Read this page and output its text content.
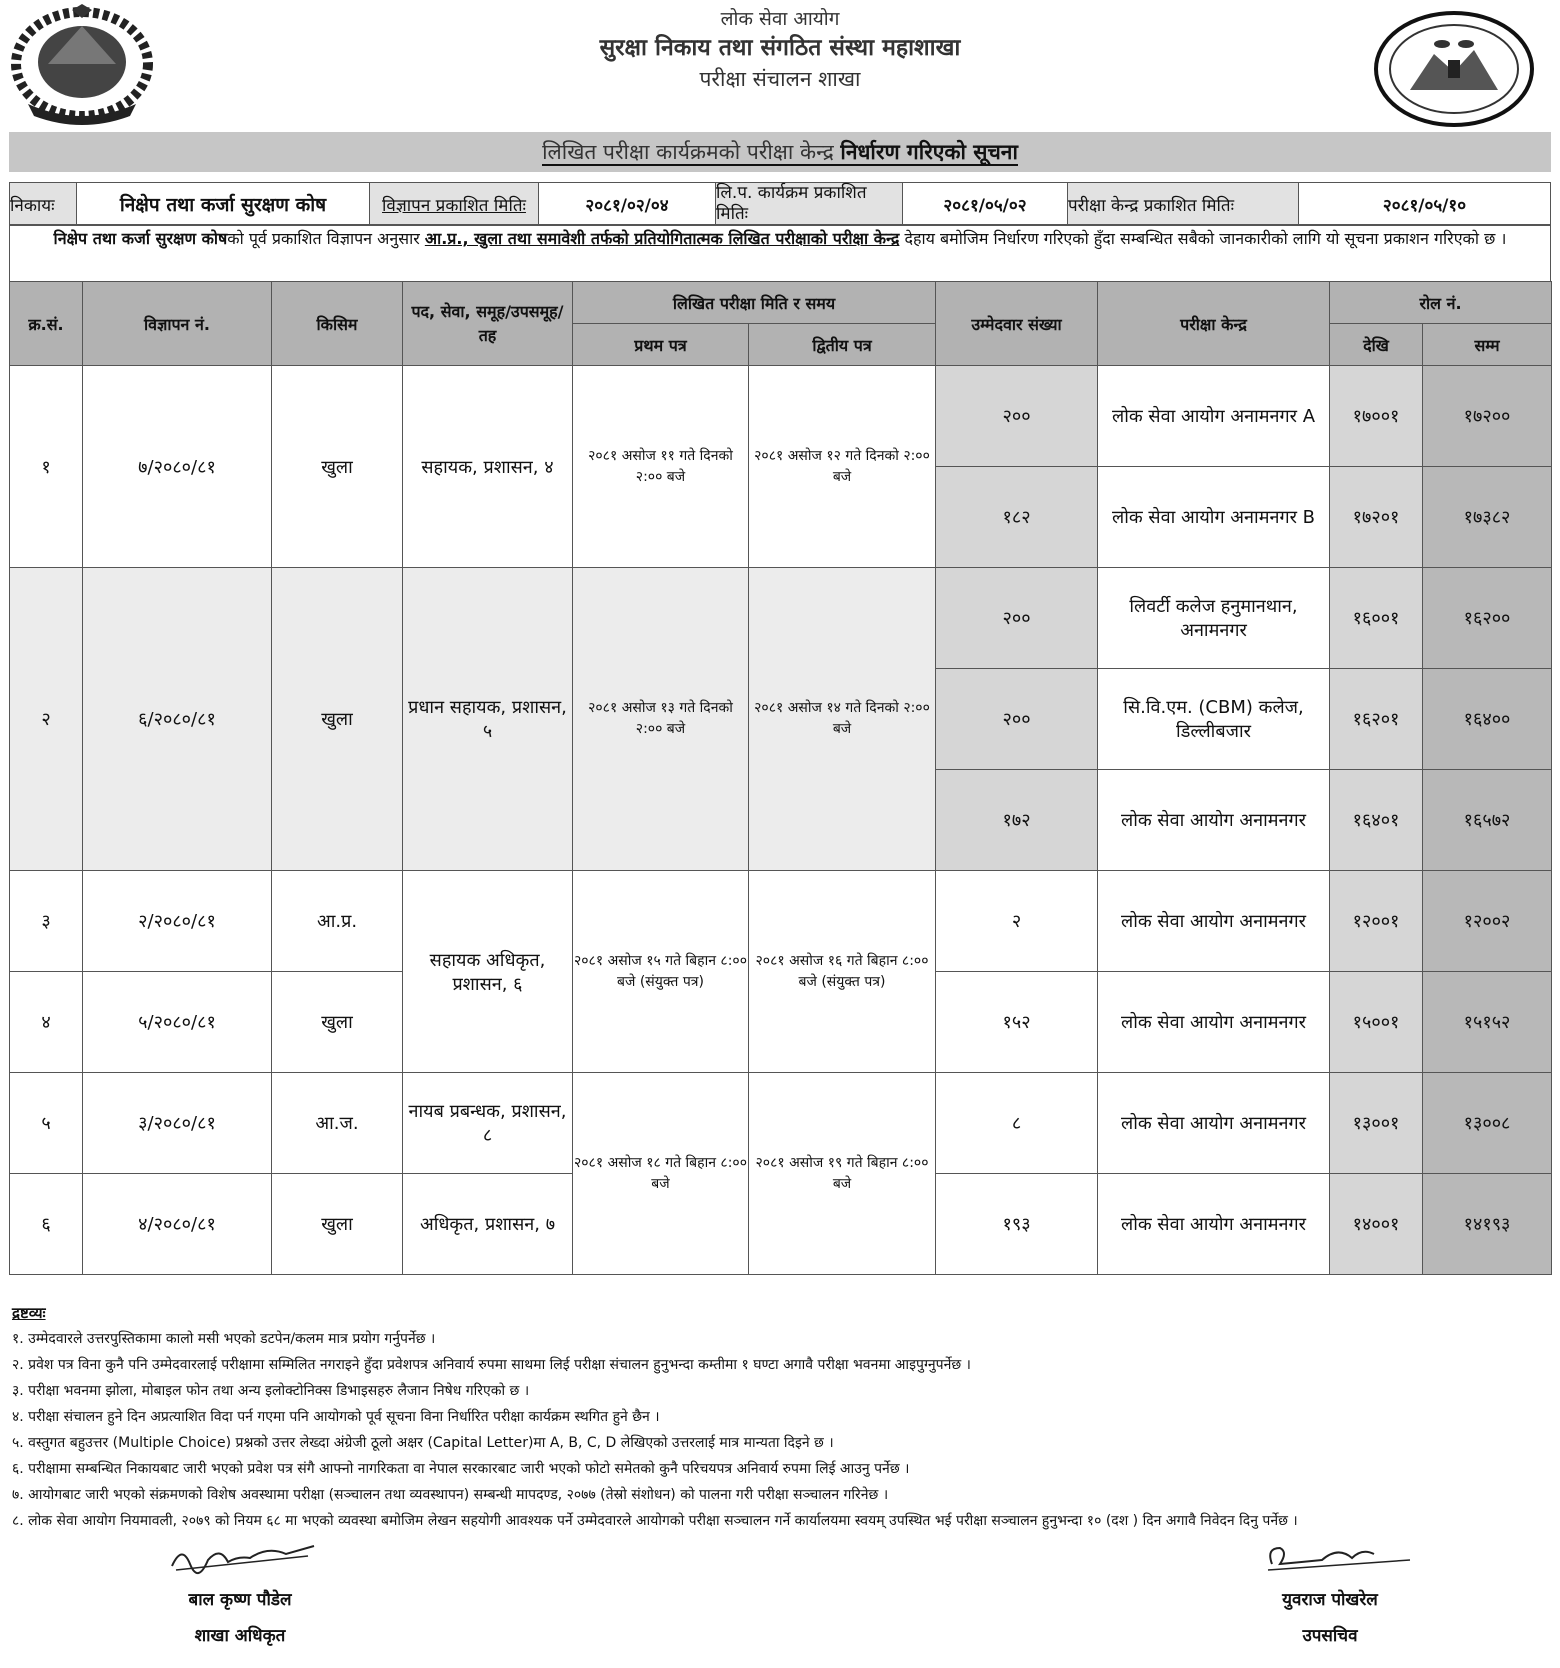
लोक सेवा आयोग
सुरक्षा निकाय तथा संगठित संस्था महाशाखा
परीक्षा संचालन शाखा
लिखित परीक्षा कार्यक्रमको परीक्षा केन्द्र निर्धारण गरिएको सूचना
निकायः	निक्षेप तथा कर्जा सुरक्षण कोष	विज्ञापन प्रकाशित मितिः	२०८१/०२/०४	लि.प. कार्यक्रम प्रकाशित मितिः	२०८१/०५/०२	परीक्षा केन्द्र प्रकाशित मितिः	२०८१/०५/१०
निक्षेप तथा कर्जा सुरक्षण कोषको पूर्व प्रकाशित विज्ञापन अनुसार आ.प्र., खुला तथा समावेशी तर्फको प्रतियोगितात्मक लिखित परीक्षाको परीक्षा केन्द्र देहाय बमोजिम निर्धारण गरिएको हुँदा सम्बन्धित सबैको जानकारीको लागि यो सूचना प्रकाशन गरिएको छ ।
क्र.सं.	विज्ञापन नं.	किसिम	पद, सेवा, समूह/उपसमूह/ तह	लिखित परीक्षा मिति र समय		उम्मेदवार संख्या	परीक्षा केन्द्र	रोल नं.	
				प्रथम पत्र	द्वितीय पत्र			देखि	सम्म
१	७/२०८०/८१	खुला	सहायक, प्रशासन, ४	२०८१ असोज ११ गते दिनको २:०० बजे	२०८१ असोज १२ गते दिनको २:०० बजे	२००	लोक सेवा आयोग अनामनगर A	१७००१	१७२००
						१८२	लोक सेवा आयोग अनामनगर B	१७२०१	१७३८२
२	६/२०८०/८१	खुला	प्रधान सहायक, प्रशासन, ५	२०८१ असोज १३ गते दिनको २:०० बजे	२०८१ असोज १४ गते दिनको २:०० बजे	२००	लिवर्टी कलेज हनुमानथान, अनामनगर	१६००१	१६२००
						२००	सि.वि.एम. (CBM) कलेज, डिल्लीबजार	१६२०१	१६४००
						१७२	लोक सेवा आयोग अनामनगर	१६४०१	१६५७२
३	२/२०८०/८१	आ.प्र.	सहायक अधिकृत, प्रशासन, ६	२०८१ असोज १५ गते बिहान ८:०० बजे (संयुक्त पत्र)	२०८१ असोज १६ गते बिहान ८:०० बजे (संयुक्त पत्र)	२	लोक सेवा आयोग अनामनगर	१२००१	१२००२
४	५/२०८०/८१	खुला				१५२	लोक सेवा आयोग अनामनगर	१५००१	१५१५२
५	३/२०८०/८१	आ.ज.	नायब प्रबन्धक, प्रशासन, ८	२०८१ असोज १८ गते बिहान ८:०० बजे	२०८१ असोज १९ गते बिहान ८:०० बजे	८	लोक सेवा आयोग अनामनगर	१३००१	१३००८
६	४/२०८०/८१	खुला	अधिकृत, प्रशासन, ७			१९३	लोक सेवा आयोग अनामनगर	१४००१	१४१९३
द्रष्टव्यः
१. उम्मेदवारले उत्तरपुस्तिकामा कालो मसी भएको डटपेन/कलम मात्र प्रयोग गर्नुपर्नेछ ।
२. प्रवेश पत्र विना कुनै पनि उम्मेदवारलाई परीक्षामा सम्मिलित नगराइने हुँदा प्रवेशपत्र अनिवार्य रुपमा साथमा लिई परीक्षा संचालन हुनुभन्दा कम्तीमा १ घण्टा अगावै परीक्षा भवनमा आइपुग्नुपर्नेछ ।
३. परीक्षा भवनमा झोला, मोबाइल फोन तथा अन्य इलोक्टोनिक्स डिभाइसहरु लैजान निषेध गरिएको छ ।
४. परीक्षा संचालन हुने दिन अप्रत्याशित विदा पर्न गएमा पनि आयोगको पूर्व सूचना विना निर्धारित परीक्षा कार्यक्रम स्थगित हुने छैन ।
५. वस्तुगत बहुउत्तर (Multiple Choice) प्रश्नको उत्तर लेख्दा अंग्रेजी ठूलो अक्षर (Capital Letter)मा A, B, C, D लेखिएको उत्तरलाई मात्र मान्यता दिइने छ ।
६. परीक्षामा सम्बन्धित निकायबाट जारी भएको प्रवेश पत्र संगै आफ्नो नागरिकता वा नेपाल सरकारबाट जारी भएको फोटो समेतको कुनै परिचयपत्र अनिवार्य रुपमा लिई आउनु पर्नेछ ।
७. आयोगबाट जारी भएको संक्रमणको विशेष अवस्थामा परीक्षा (सञ्चालन तथा व्यवस्थापन) सम्बन्धी मापदण्ड, २०७७ (तेस्रो संशोधन) को पालना गरी परीक्षा सञ्चालन गरिनेछ ।
८. लोक सेवा आयोग नियमावली, २०७९ को नियम ६८ मा भएको व्यवस्था बमोजिम लेखन सहयोगी आवश्यक पर्ने उम्मेदवारले आयोगको परीक्षा सञ्चालन गर्ने कार्यालयमा स्वयम् उपस्थित भई परीक्षा सञ्चालन हुनुभन्दा १० (दश ) दिन अगावै निवेदन दिनु पर्नेछ ।
बाल कृष्ण पौडेल
शाखा अधिकृत
युवराज पोखरेल
उपसचिव
